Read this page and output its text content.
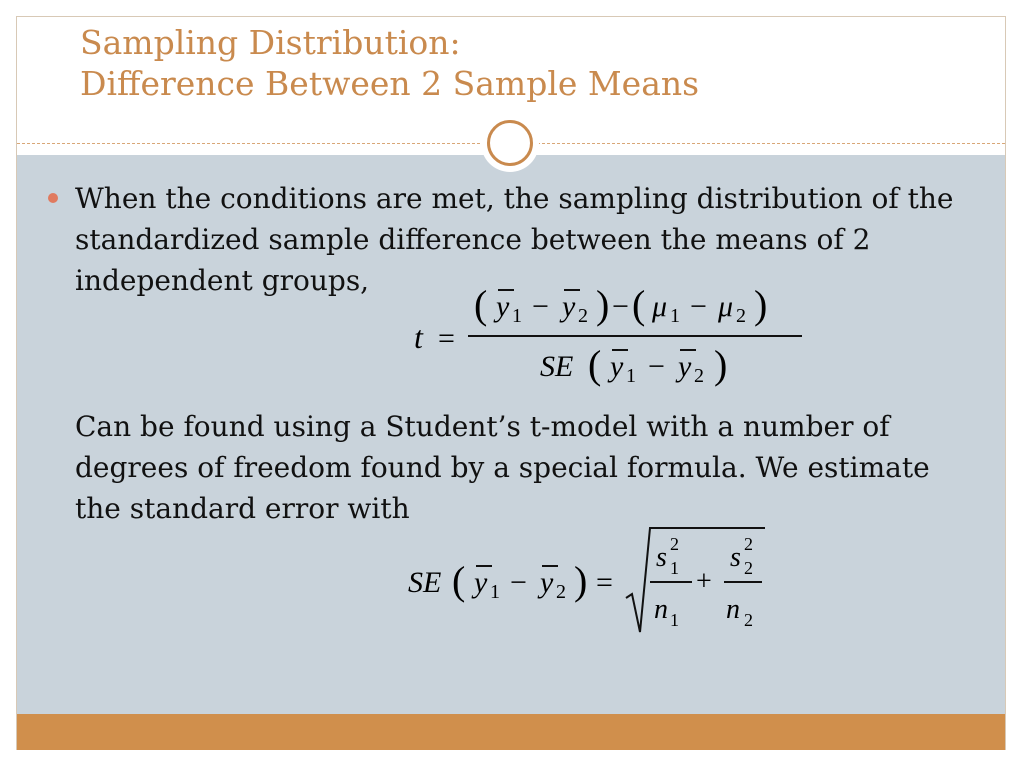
Sampling Distribution:
Difference Between 2 Sample Means
When the conditions are met, the sampling distribution of the standardized sample difference between the means of 2 independent groups,
t =
( y 1 − y 2 ) − ( μ 1 − μ 2 )
SE ( y 1 − y 2 )
Can be found using a Student’s t-model with a number of degrees of freedom found by a special formula. We estimate the standard error with
SE ( y 1 − y 2 ) =
s 2
1
n 1
+
s 2
2
n 2
